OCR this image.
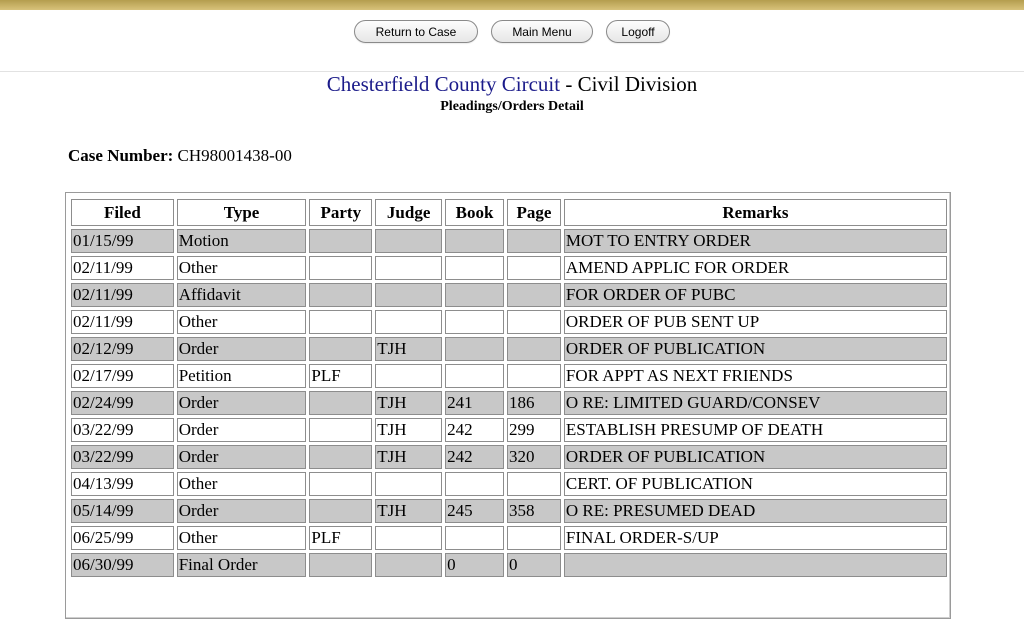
Return to Case	Main Menu	Logoff
Chesterfield County Circuit - Civil Division
Pleadings/Orders Detail
Case Number: CH98001438-00
Filed	Type	Party	Judge	Book	Page	Remarks
01/15/99	Motion					MOT TO ENTRY ORDER
02/11/99	Other					AMEND APPLIC FOR ORDER
02/11/99	Affidavit					FOR ORDER OF PUBC
02/11/99	Other					ORDER OF PUB SENT UP
02/12/99	Order		TJH			ORDER OF PUBLICATION
02/17/99	Petition	PLF				FOR APPT AS NEXT FRIENDS
02/24/99	Order		TJH	241	186	O RE: LIMITED GUARD/CONSEV
03/22/99	Order		TJH	242	299	ESTABLISH PRESUMP OF DEATH
03/22/99	Order		TJH	242	320	ORDER OF PUBLICATION
04/13/99	Other					CERT. OF PUBLICATION
05/14/99	Order		TJH	245	358	O RE: PRESUMED DEAD
06/25/99	Other	PLF				FINAL ORDER-S/UP
06/30/99	Final Order			0	0	
